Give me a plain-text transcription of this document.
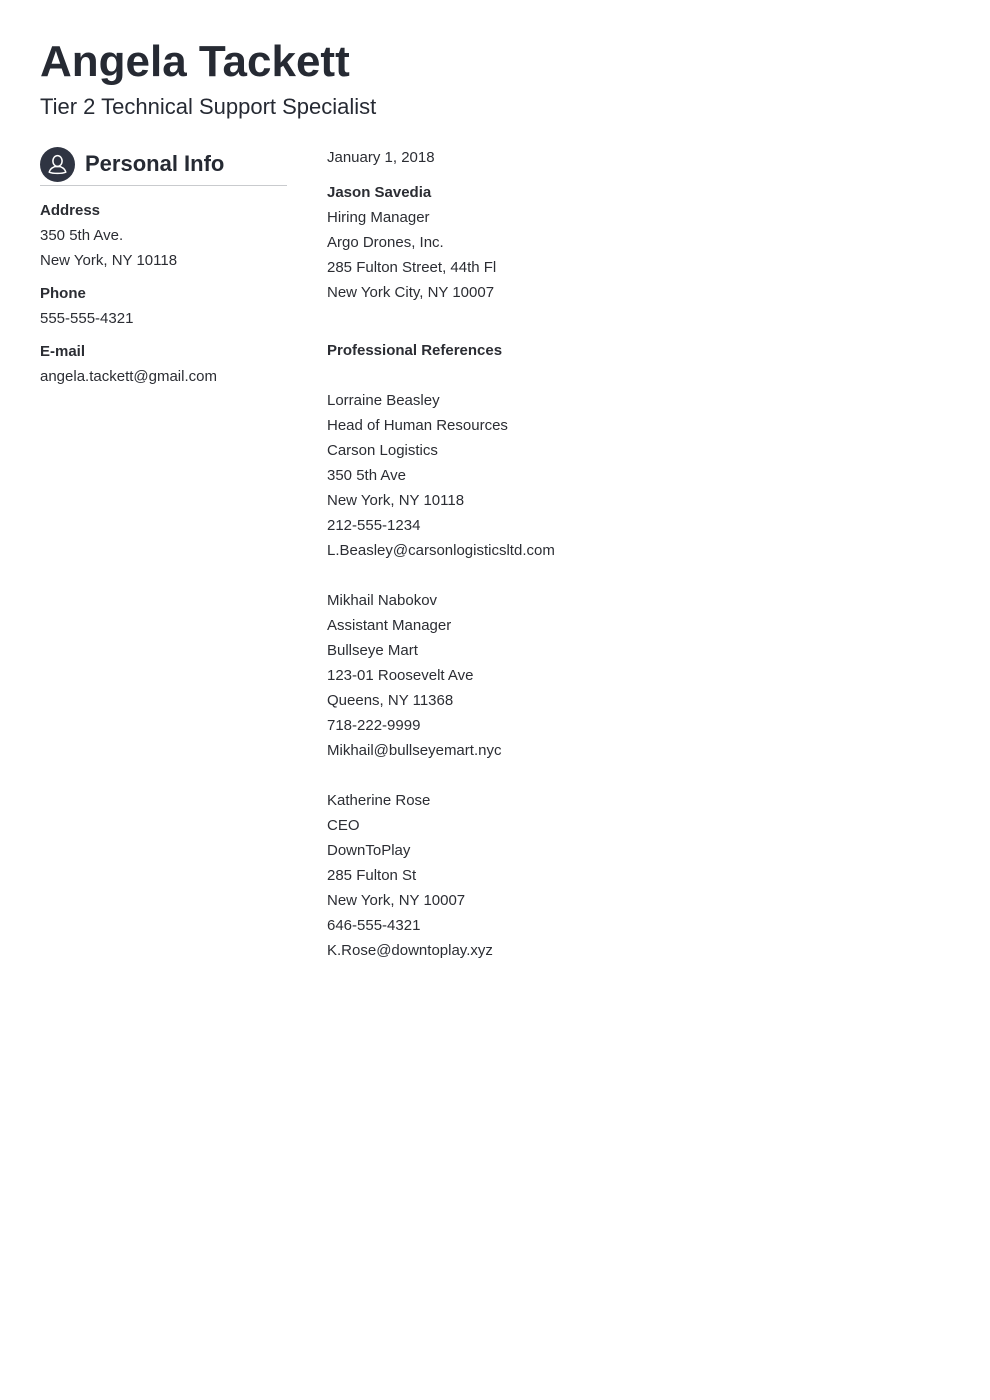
Angela Tackett

Tier 2 Technical Support Specialist

Personal Info
Address
350 5th Ave.
New York, NY 10118
Phone
555-555-4321
E-mail
angela.tackett@gmail.com
January 1, 2018
Jason Savedia
Hiring Manager
Argo Drones, Inc.
285 Fulton Street, 44th Fl
New York City, NY 10007
Professional References
Lorraine Beasley
Head of Human Resources
Carson Logistics
350 5th Ave
New York, NY 10118
212-555-1234
L.Beasley@carsonlogisticsltd.com
Mikhail Nabokov
Assistant Manager
Bullseye Mart
123-01 Roosevelt Ave
Queens, NY 11368
718-222-9999
Mikhail@bullseyemart.nyc
Katherine Rose
CEO
DownToPlay
285 Fulton St
New York, NY 10007
646-555-4321
K.Rose@downtoplay.xyz
